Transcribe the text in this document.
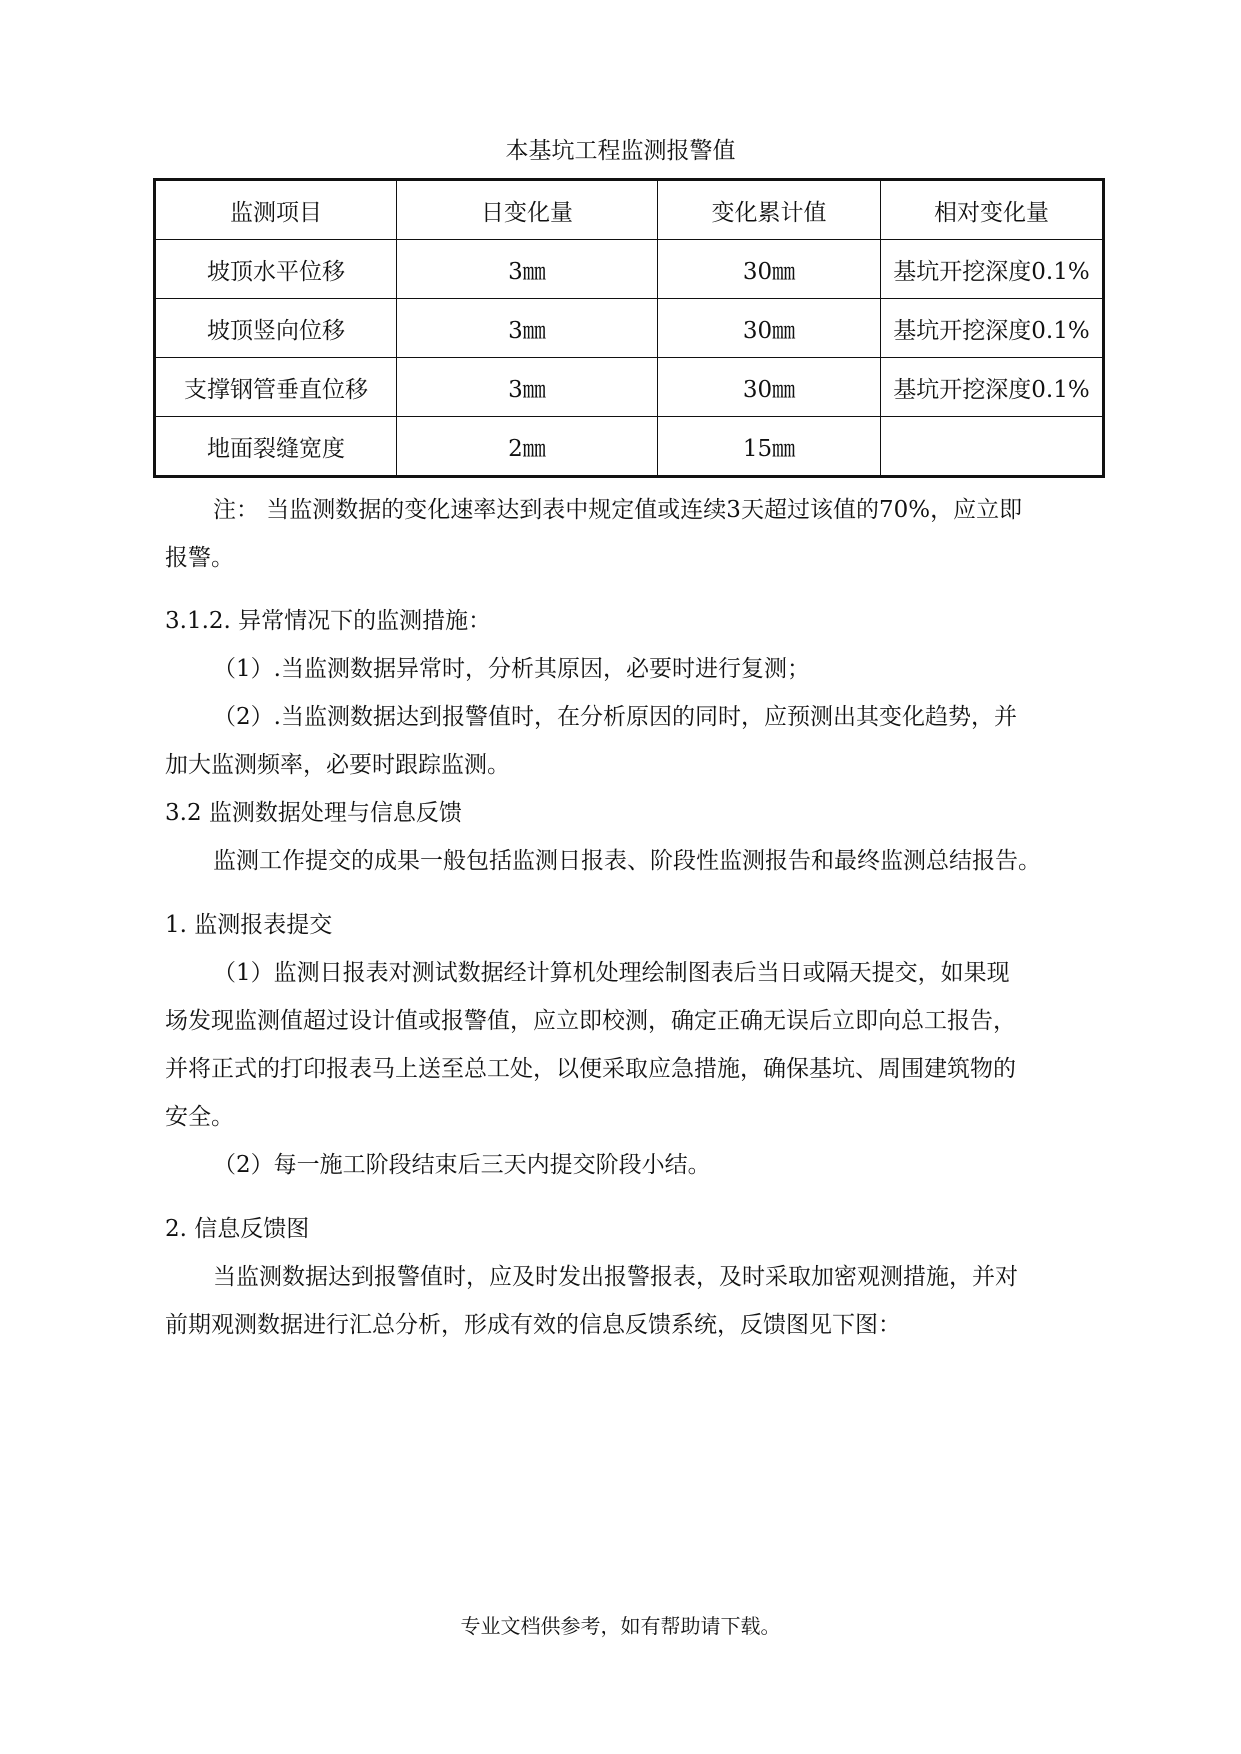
本基坑工程监测报警值
监测项目	日变化量	变化累计值	相对变化量
坡顶水平位移	3㎜	30㎜	基坑开挖深度0.1%
坡顶竖向位移	3㎜	30㎜	基坑开挖深度0.1%
支撑钢管垂直位移	3㎜	30㎜	基坑开挖深度0.1%
地面裂缝宽度	2㎜	15㎜	
注： 当监测数据的变化速率达到表中规定值或连续3天超过该值的70%，应立即
报警。
3.1.2. 异常情况下的监测措施：
（1）.当监测数据异常时，分析其原因，必要时进行复测；
（2）.当监测数据达到报警值时，在分析原因的同时，应预测出其变化趋势，并
加大监测频率，必要时跟踪监测。
3.2 监测数据处理与信息反馈
监测工作提交的成果一般包括监测日报表、阶段性监测报告和最终监测总结报告。
1. 监测报表提交
（1）监测日报表对测试数据经计算机处理绘制图表后当日或隔天提交，如果现
场发现监测值超过设计值或报警值，应立即校测，确定正确无误后立即向总工报告，
并将正式的打印报表马上送至总工处，以便采取应急措施，确保基坑、周围建筑物的
安全。
（2）每一施工阶段结束后三天内提交阶段小结。
2. 信息反馈图
当监测数据达到报警值时，应及时发出报警报表，及时采取加密观测措施，并对
前期观测数据进行汇总分析，形成有效的信息反馈系统，反馈图见下图：
专业文档供参考，如有帮助请下载。
